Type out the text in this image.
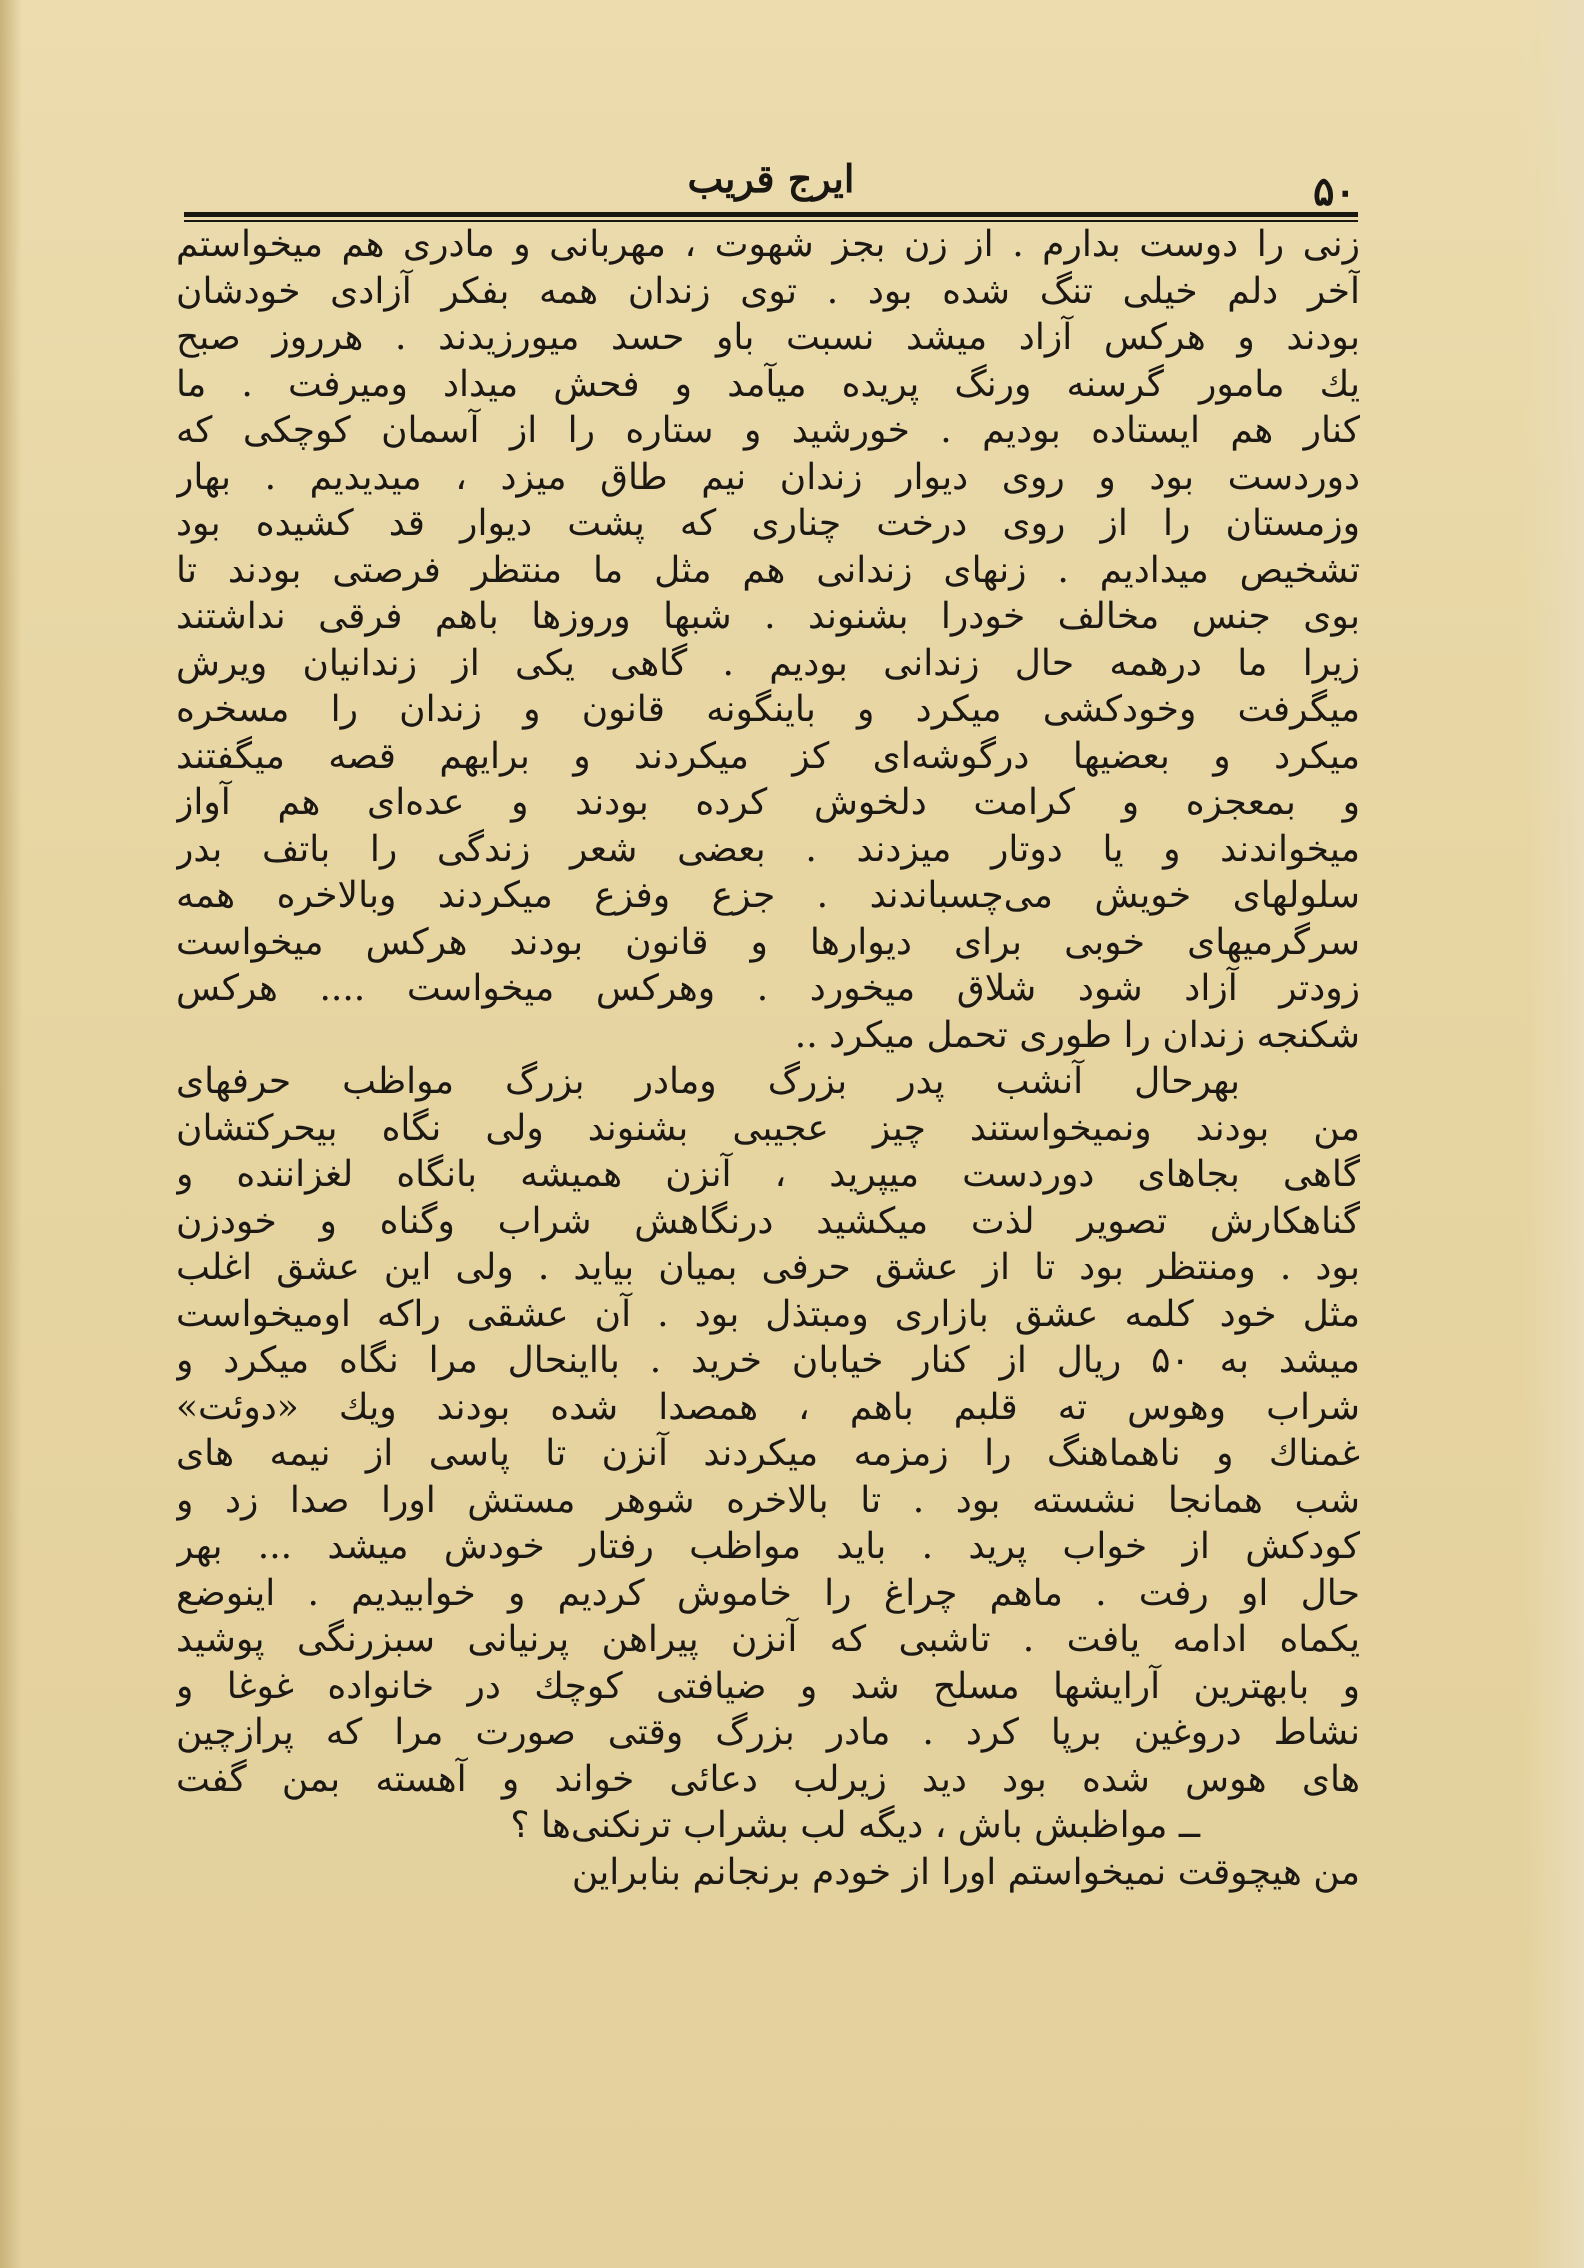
۵۰
ایرج قریب
زنی را دوست بدارم . از زن بجز شهوت ، مهربانی و مادری هم میخواستم
آخر دلم خیلی تنگ شده بود . توی زندان همه بفکر آزادی خودشان
بودند و هرکس آزاد میشد نسبت باو حسد میورزیدند . هرروز صبح
یك مامور گرسنه ورنگ پریده میآمد و فحش میداد ومیرفت . ما
کنار هم ایستاده بودیم . خورشید و ستاره را از آسمان کوچکی که
دوردست بود و روی دیوار زندان نیم طاق میزد ، میدیدیم . بهار
وزمستان را از روی درخت چناری که پشت دیوار قد کشیده بود
تشخیص میدادیم . زنهای زندانی هم مثل ما منتظر فرصتی بودند تا
بوی جنس مخالف خودرا بشنوند . شبها وروزها باهم فرقی نداشتند
زیرا ما درهمه حال زندانی بودیم . گاهی یکی از زندانیان ویرش
میگرفت وخودکشی میکرد و باینگونه قانون و زندان را مسخره
میکرد و بعضیها درگوشه‌ای کز میکردند و برایهم قصه میگفتند
و بمعجزه و کرامت دلخوش کرده بودند و عده‌ای هم آواز
میخواندند و یا دوتار میزدند . بعضی شعر زندگی را باتف بدر
سلولهای خویش می‌چسباندند . جزع وفزع میکردند وبالاخره همه
سرگرمیهای خوبی برای دیوارها و قانون بودند هرکس میخواست
زودتر آزاد شود شلاق میخورد . وهرکس میخواست .... هرکس
شکنجه زندان را طوری تحمل میکرد ..
بهرحال آنشب پدر بزرگ ومادر بزرگ مواظب حرفهای
من بودند ونمیخواستند چیز عجیبی بشنوند ولی نگاه بیحرکتشان
گاهی بجاهای دوردست میپرید ، آنزن همیشه بانگاه لغزاننده و
گناهکارش تصویر لذت میکشید درنگاهش شراب وگناه و خودزن
بود . ومنتظر بود تا از عشق حرفی بمیان بیاید . ولی این عشق اغلب
مثل خود کلمه عشق بازاری ومبتذل بود . آن عشقی راکه اومیخواست
میشد به ۵۰ ریال از کنار خیابان خرید . بااینحال مرا نگاه میکرد و
شراب وهوس ته قلبم باهم ، همصدا شده بودند ویك «دوئت»
غمناك و ناهماهنگ را زمزمه میکردند آنزن تا پاسی از نیمه های
شب همانجا نشسته بود . تا بالاخره شوهر مستش اورا صدا زد و
کودکش از خواب پرید . باید مواظب رفتار خودش میشد ... بهر
حال او رفت . ماهم چراغ را خاموش کردیم و خوابیدیم . اینوضع
یکماه ادامه یافت . تاشبی که آنزن پیراهن پرنیانی سبزرنگی پوشید
و بابهترین آرایشها مسلح شد و ضیافتی کوچك در خانواده غوغا و
نشاط دروغین برپا کرد . مادر بزرگ وقتی صورت مرا که پرازچین
های هوس شده بود دید زیرلب دعائی خواند و آهسته بمن گفت
ــ مواظبش باش ، دیگه لب بشراب ترنکنی‌ها ؟
من هیچوقت نمیخواستم اورا از خودم برنجانم بنابراین
